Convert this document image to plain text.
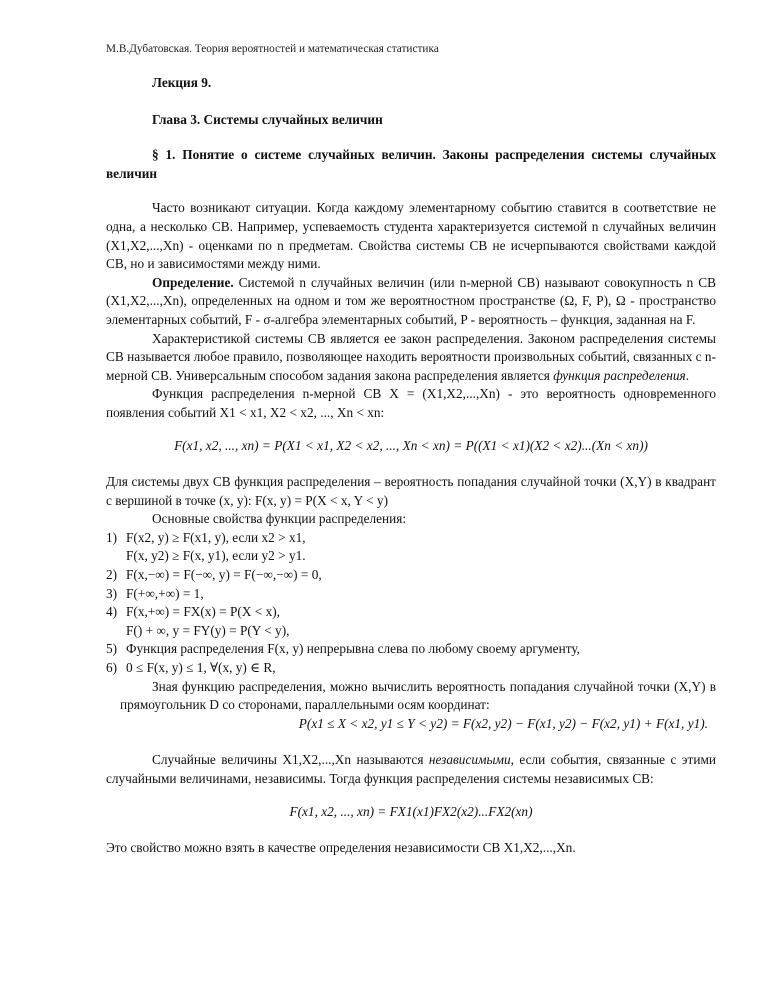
М.В.Дубатовская. Теория вероятностей и математическая статистика
Лекция 9.
Глава 3. Системы случайных величин
§ 1. Понятие о системе случайных величин. Законы распределения системы случайных величин

Часто возникают ситуации. Когда каждому элементарному событию ставится в соответствие не одна, а несколько СВ. Например, успеваемость студента характеризуется системой n случайных величин (X1,X2,...,Xn) - оценками по n предметам. Свойства системы СВ не исчерпываются свойствами каждой СВ, но и зависимостями между ними.

Определение. Системой n случайных величин (или n-мерной СВ) называют совокупность n СВ (X1,X2,...,Xn), определенных на одном и том же вероятностном пространстве (Ω, F, P), Ω - пространство элементарных событий, F - σ-алгебра элементарных событий, P - вероятность – функция, заданная на F.

Характеристикой системы СВ является ее закон распределения. Законом распределения системы СВ называется любое правило, позволяющее находить вероятности произвольных событий, связанных с n-мерной СВ. Универсальным способом задания закона распределения является функция распределения.

Функция распределения n-мерной СВ X = (X1,X2,...,Xn) - это вероятность одновременного появления событий X1 < x1, X2 < x2, ..., Xn < xn:

F(x1, x2, ..., xn) = P(X1 < x1, X2 < x2, ..., Xn < xn) = P((X1 < x1)(X2 < x2)...(Xn < xn))

Для системы двух СВ функция распределения – вероятность попадания случайной точки (X,Y) в квадрант с вершиной в точке (x, y): F(x, y) = P(X < x, Y < y)

Основные свойства функции распределения:

1) F(x2, y) ≥ F(x1, y), если x2 > x1,
F(x, y2) ≥ F(x, y1), если y2 > y1.
2) F(x,−∞) = F(−∞, y) = F(−∞,−∞) = 0,
3) F(+∞,+∞) = 1,
4) F(x,+∞) = FX(x) = P(X < x),
F() + ∞, y = FY(y) = P(Y < y),
5) Функция распределения F(x, y) непрерывна слева по любому своему аргументу,
6) 0 ≤ F(x, y) ≤ 1, ∀(x, y) ∈ R,

Зная функцию распределения, можно вычислить вероятность попадания случайной точки (X,Y) в прямоугольник D со сторонами, параллельными осям координат:

P(x1 ≤ X < x2, y1 ≤ Y < y2) = F(x2, y2) − F(x1, y2) − F(x2, y1) + F(x1, y1).

Случайные величины X1,X2,...,Xn называются независимыми, если события, связанные с этими случайными величинами, независимы. Тогда функция распределения системы независимых СВ:

F(x1, x2, ..., xn) = FX1(x1)FX2(x2)...FX2(xn)

Это свойство можно взять в качестве определения независимости СВ X1,X2,...,Xn.
